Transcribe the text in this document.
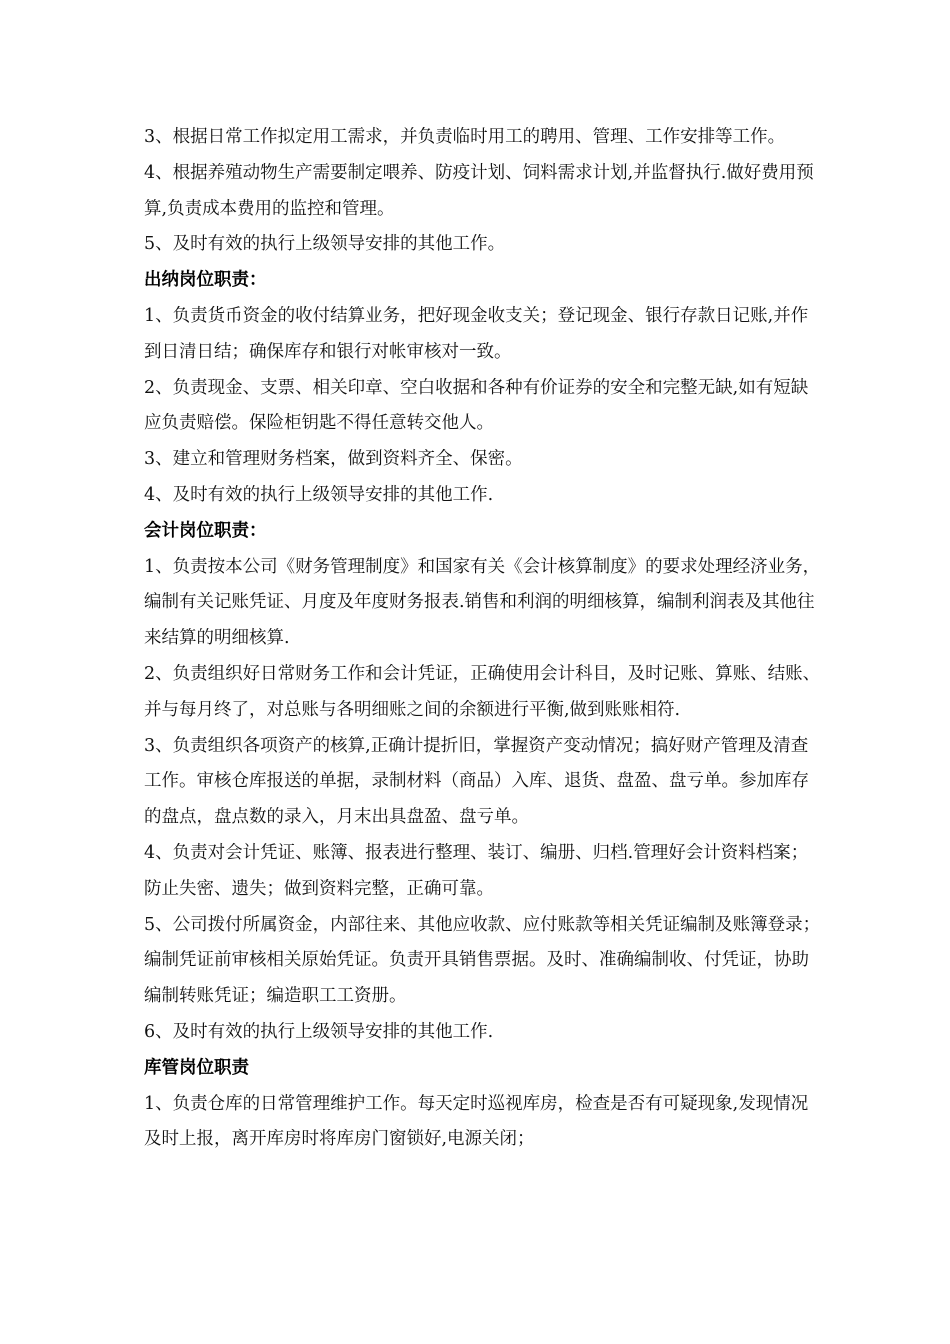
3、根据日常工作拟定用工需求，并负责临时用工的聘用、管理、工作安排等工作。

4、根据养殖动物生产需要制定喂养、防疫计划、饲料需求计划,并监督执行.做好费用预算,负责成本费用的监控和管理。

5、及时有效的执行上级领导安排的其他工作。

出纳岗位职责：

1、负责货币资金的收付结算业务，把好现金收支关；登记现金、银行存款日记账,并作到日清日结；确保库存和银行对帐审核对一致。

2、负责现金、支票、相关印章、空白收据和各种有价证券的安全和完整无缺,如有短缺应负责赔偿。保险柜钥匙不得任意转交他人。

3、建立和管理财务档案，做到资料齐全、保密。

4、及时有效的执行上级领导安排的其他工作.

会计岗位职责：

1、负责按本公司《财务管理制度》和国家有关《会计核算制度》的要求处理经济业务，编制有关记账凭证、月度及年度财务报表.销售和利润的明细核算，编制利润表及其他往来结算的明细核算.

2、负责组织好日常财务工作和会计凭证，正确使用会计科目，及时记账、算账、结账、并与每月终了，对总账与各明细账之间的余额进行平衡,做到账账相符.

3、负责组织各项资产的核算,正确计提折旧，掌握资产变动情况；搞好财产管理及清查工作。审核仓库报送的单据，录制材料（商品）入库、退货、盘盈、盘亏单。参加库存的盘点，盘点数的录入，月末出具盘盈、盘亏单。

4、负责对会计凭证、账簿、报表进行整理、装订、编册、归档.管理好会计资料档案；防止失密、遗失；做到资料完整，正确可靠。

5、公司拨付所属资金，内部往来、其他应收款、应付账款等相关凭证编制及账簿登录；编制凭证前审核相关原始凭证。负责开具销售票据。及时、准确编制收、付凭证，协助编制转账凭证；编造职工工资册。

6、及时有效的执行上级领导安排的其他工作.

库管岗位职责

1、负责仓库的日常管理维护工作。每天定时巡视库房，检查是否有可疑现象,发现情况及时上报，离开库房时将库房门窗锁好,电源关闭；
